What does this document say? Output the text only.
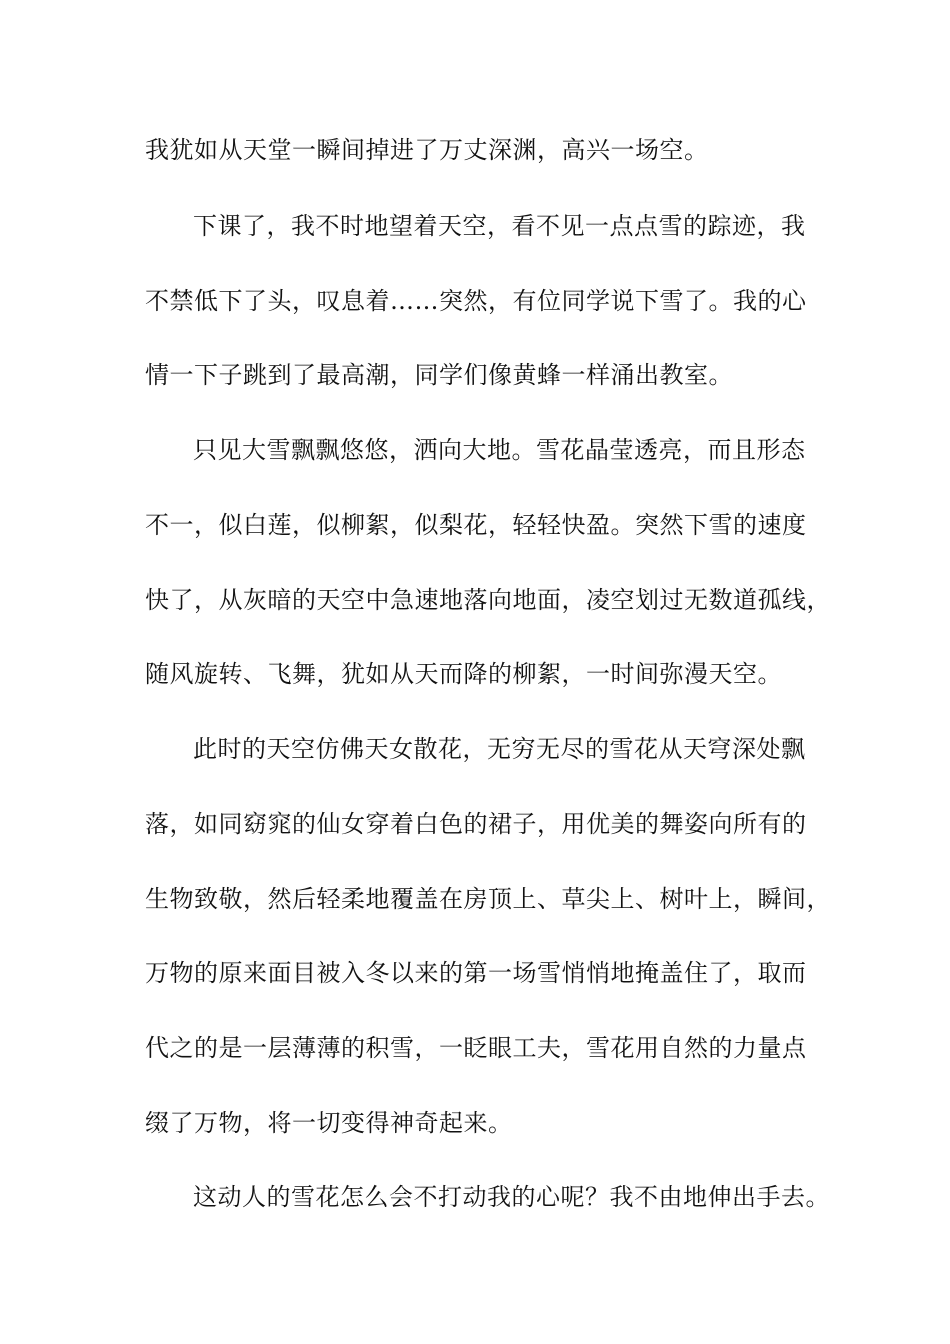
我犹如从天堂一瞬间掉进了万丈深渊，高兴一场空。
下课了，我不时地望着天空，看不见一点点雪的踪迹，我
不禁低下了头，叹息着……突然，有位同学说下雪了。我的心
情一下子跳到了最高潮，同学们像黄蜂一样涌出教室。
只见大雪飘飘悠悠，洒向大地。雪花晶莹透亮，而且形态
不一，似白莲，似柳絮，似梨花，轻轻快盈。突然下雪的速度
快了，从灰暗的天空中急速地落向地面，凌空划过无数道孤线，
随风旋转、飞舞，犹如从天而降的柳絮，一时间弥漫天空。
此时的天空仿佛天女散花，无穷无尽的雪花从天穹深处飘
落，如同窈窕的仙女穿着白色的裙子，用优美的舞姿向所有的
生物致敬，然后轻柔地覆盖在房顶上、草尖上、树叶上，瞬间，
万物的原来面目被入冬以来的第一场雪悄悄地掩盖住了，取而
代之的是一层薄薄的积雪，一眨眼工夫，雪花用自然的力量点
缀了万物，将一切变得神奇起来。
这动人的雪花怎么会不打动我的心呢？我不由地伸出手去。
